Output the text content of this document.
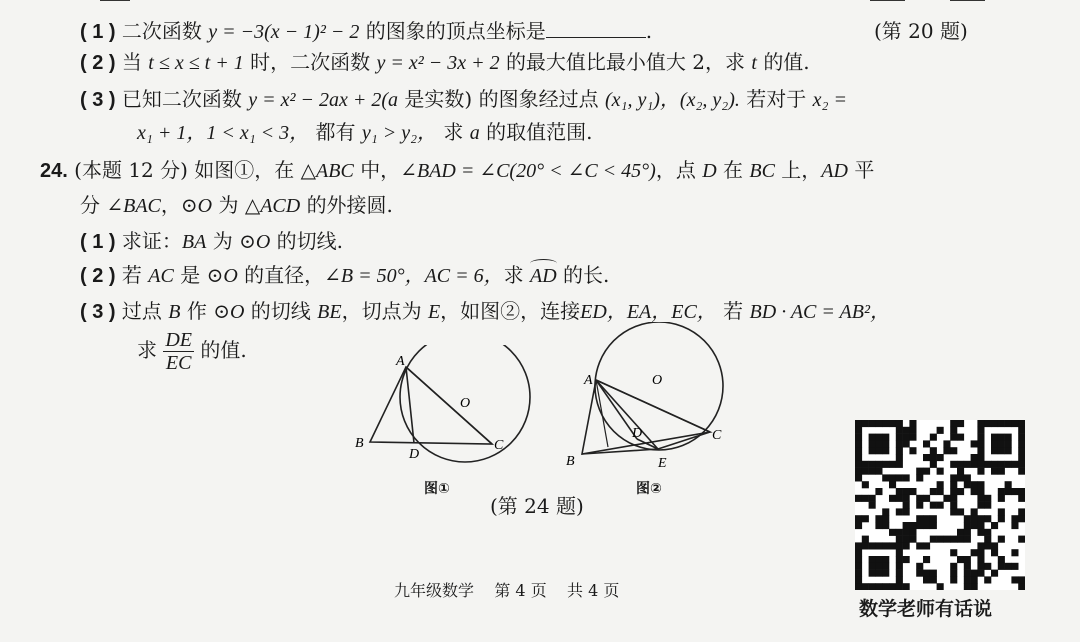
( 1 ) 二次函数 y = −3(x − 1)² − 2 的图象的顶点坐标是	.	(第 20 题)
( 2 ) 当 t ≤ x ≤ t + 1 时，二次函数 y = x² − 3x + 2 的最大值比最小值大 2，求 t 的值.
( 3 ) 已知二次函数 y = x² − 2ax + 2(a 是实数) 的图象经过点 (x₁, y₁)，(x₂, y₂). 若对于 x₂ =
x₁ + 1，1 < x₁ < 3， 都有 y₁ > y₂， 求 a 的取值范围.
24. (本题 12 分) 如图①，在 △ABC 中，∠BAD = ∠C(20° < ∠C < 45°)，点 D 在 BC 上，AD 平
分 ∠BAC，⊙O 为 △ACD 的外接圆.
( 1 ) 求证：BA 为 ⊙O 的切线.
( 2 ) 若 AC 是 ⊙O 的直径，∠B = 50°，AC = 6，求 AD 的长.
( 3 ) 过点 B 作 ⊙O 的切线 BE，切点为 E，如图②，连接ED，EA，EC， 若 BD · AC = AB²，
求 $\frac{DE}{EC}$ 的值.	A
B	C
D
O
图①
A
B
C
D
E
O
图②
(第 24 题)
数学老师有话说
九年级数学    第 4 页    共 4 页
